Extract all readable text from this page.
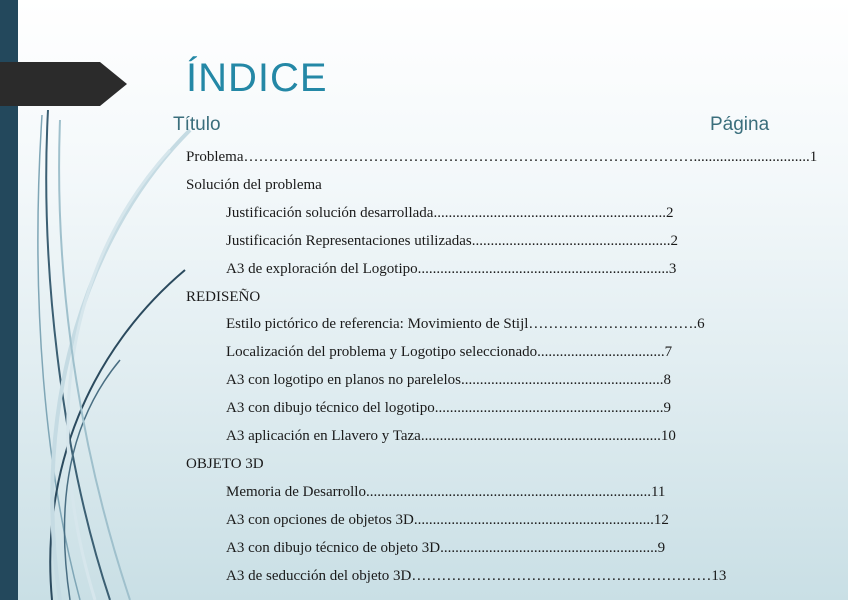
ÍNDICE
Título	Página
Problema………………………………………………………………………………...............................1
Solución del problema
Justificación solución desarrollada..............................................................2
Justificación Representaciones utilizadas.....................................................2
A3 de exploración del Logotipo...................................................................3
REDISEÑO
Estilo pictórico de referencia: Movimiento de Stijl…………………………….6
Localización del problema y Logotipo seleccionado..................................7
A3 con logotipo en planos no parelelos......................................................8
A3 con dibujo técnico del logotipo.............................................................9
A3 aplicación en Llavero y Taza................................................................10
OBJETO 3D
Memoria de Desarrollo............................................................................11
A3 con opciones de objetos 3D................................................................12
A3 con dibujo técnico de objeto 3D..........................................................9
A3 de seducción del objeto 3D……………………………………………………13
